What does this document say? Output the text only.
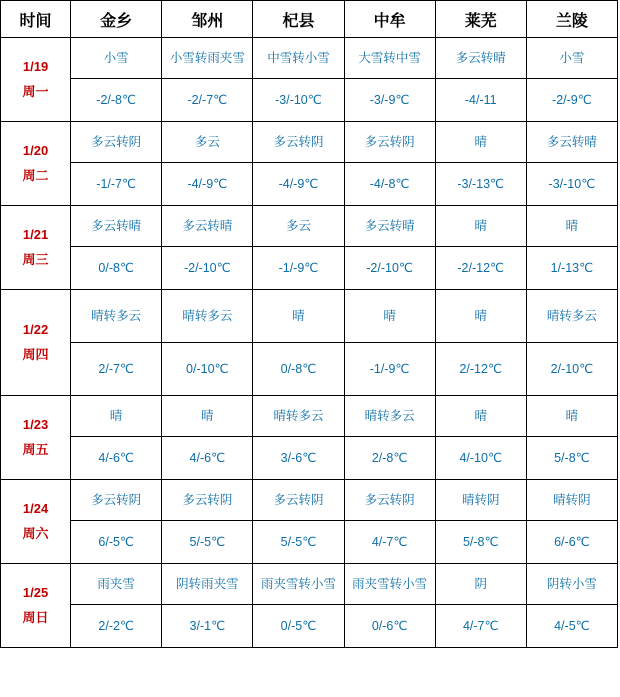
时间	金乡	邹州	杞县	中牟	莱芜	兰陵

1/19
周一	小雪	小雪转雨夹雪	中雪转小雪	大雪转中雪	多云转晴	小雪
	-2/-8℃	-2/-7℃	-3/-10℃	-3/-9℃	-4/-11	-2/-9℃

1/20
周二	多云转阴	多云	多云转阴	多云转阴	晴	多云转晴
	-1/-7℃	-4/-9℃	-4/-9℃	-4/-8℃	-3/-13℃	-3/-10℃

1/21
周三	多云转晴	多云转晴	多云	多云转晴	晴	晴
	0/-8℃	-2/-10℃	-1/-9℃	-2/-10℃	-2/-12℃	1/-13℃

1/22
周四	晴转多云	晴转多云	晴	晴	晴	晴转多云
	2/-7℃	0/-10℃	0/-8℃	-1/-9℃	2/-12℃	2/-10℃

1/23
周五	晴	晴	晴转多云	晴转多云	晴	晴
	4/-6℃	4/-6℃	3/-6℃	2/-8℃	4/-10℃	5/-8℃

1/24
周六	多云转阴	多云转阴	多云转阴	多云转阴	晴转阴	晴转阴
	6/-5℃	5/-5℃	5/-5℃	4/-7℃	5/-8℃	6/-6℃

1/25
周日	雨夹雪	阴转雨夹雪	雨夹雪转小雪	雨夹雪转小雪	阴	阴转小雪
	2/-2℃	3/-1℃	0/-5℃	0/-6℃	4/-7℃	4/-5℃
